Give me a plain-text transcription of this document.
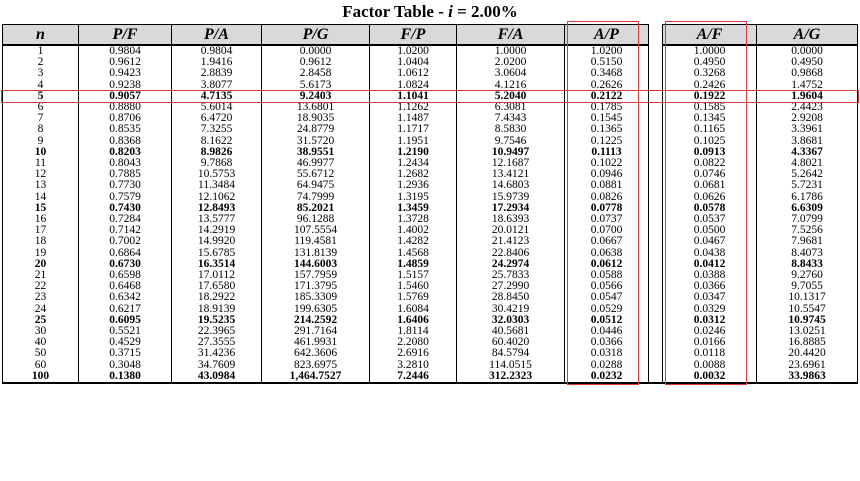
Factor Table - i = 2.00%
n	P/F	P/A	P/G	F/P	F/A	A/P		A/F	A/G
1	0.9804	0.9804	0.0000	1.0200	1.0000	1.0200		1.0000	0.0000
2	0.9612	1.9416	0.9612	1.0404	2.0200	0.5150		0.4950	0.4950
3	0.9423	2.8839	2.8458	1.0612	3.0604	0.3468		0.3268	0.9868
4	0.9238	3.8077	5.6173	1.0824	4.1216	0.2626		0.2426	1.4752
5	0.9057	4.7135	9.2403	1.1041	5.2040	0.2122		0.1922	1.9604
6	0.8880	5.6014	13.6801	1.1262	6.3081	0.1785		0.1585	2.4423
7	0.8706	6.4720	18.9035	1.1487	7.4343	0.1545		0.1345	2.9208
8	0.8535	7.3255	24.8779	1.1717	8.5830	0.1365		0.1165	3.3961
9	0.8368	8.1622	31.5720	1.1951	9.7546	0.1225		0.1025	3.8681
10	0.8203	8.9826	38.9551	1.2190	10.9497	0.1113		0.0913	4.3367
11	0.8043	9.7868	46.9977	1.2434	12.1687	0.1022		0.0822	4.8021
12	0.7885	10.5753	55.6712	1.2682	13.4121	0.0946		0.0746	5.2642
13	0.7730	11.3484	64.9475	1.2936	14.6803	0.0881		0.0681	5.7231
14	0.7579	12.1062	74.7999	1.3195	15.9739	0.0826		0.0626	6.1786
15	0.7430	12.8493	85.2021	1.3459	17.2934	0.0778		0.0578	6.6309
16	0.7284	13.5777	96.1288	1.3728	18.6393	0.0737		0.0537	7.0799
17	0.7142	14.2919	107.5554	1.4002	20.0121	0.0700		0.0500	7.5256
18	0.7002	14.9920	119.4581	1.4282	21.4123	0.0667		0.0467	7.9681
19	0.6864	15.6785	131.8139	1.4568	22.8406	0.0638		0.0438	8.4073
20	0.6730	16.3514	144.6003	1.4859	24.2974	0.0612		0.0412	8.8433
21	0.6598	17.0112	157.7959	1.5157	25.7833	0.0588		0.0388	9.2760
22	0.6468	17.6580	171.3795	1.5460	27.2990	0.0566		0.0366	9.7055
23	0.6342	18.2922	185.3309	1.5769	28.8450	0.0547		0.0347	10.1317
24	0.6217	18.9139	199.6305	1.6084	30.4219	0.0529		0.0329	10.5547
25	0.6095	19.5235	214.2592	1.6406	32.0303	0.0512		0.0312	10.9745
30	0.5521	22.3965	291.7164	1.8114	40.5681	0.0446		0.0246	13.0251
40	0.4529	27.3555	461.9931	2.2080	60.4020	0.0366		0.0166	16.8885
50	0.3715	31.4236	642.3606	2.6916	84.5794	0.0318		0.0118	20.4420
60	0.3048	34.7609	823.6975	3.2810	114.0515	0.0288		0.0088	23.6961
100	0.1380	43.0984	1,464.7527	7.2446	312.2323	0.0232		0.0032	33.9863
